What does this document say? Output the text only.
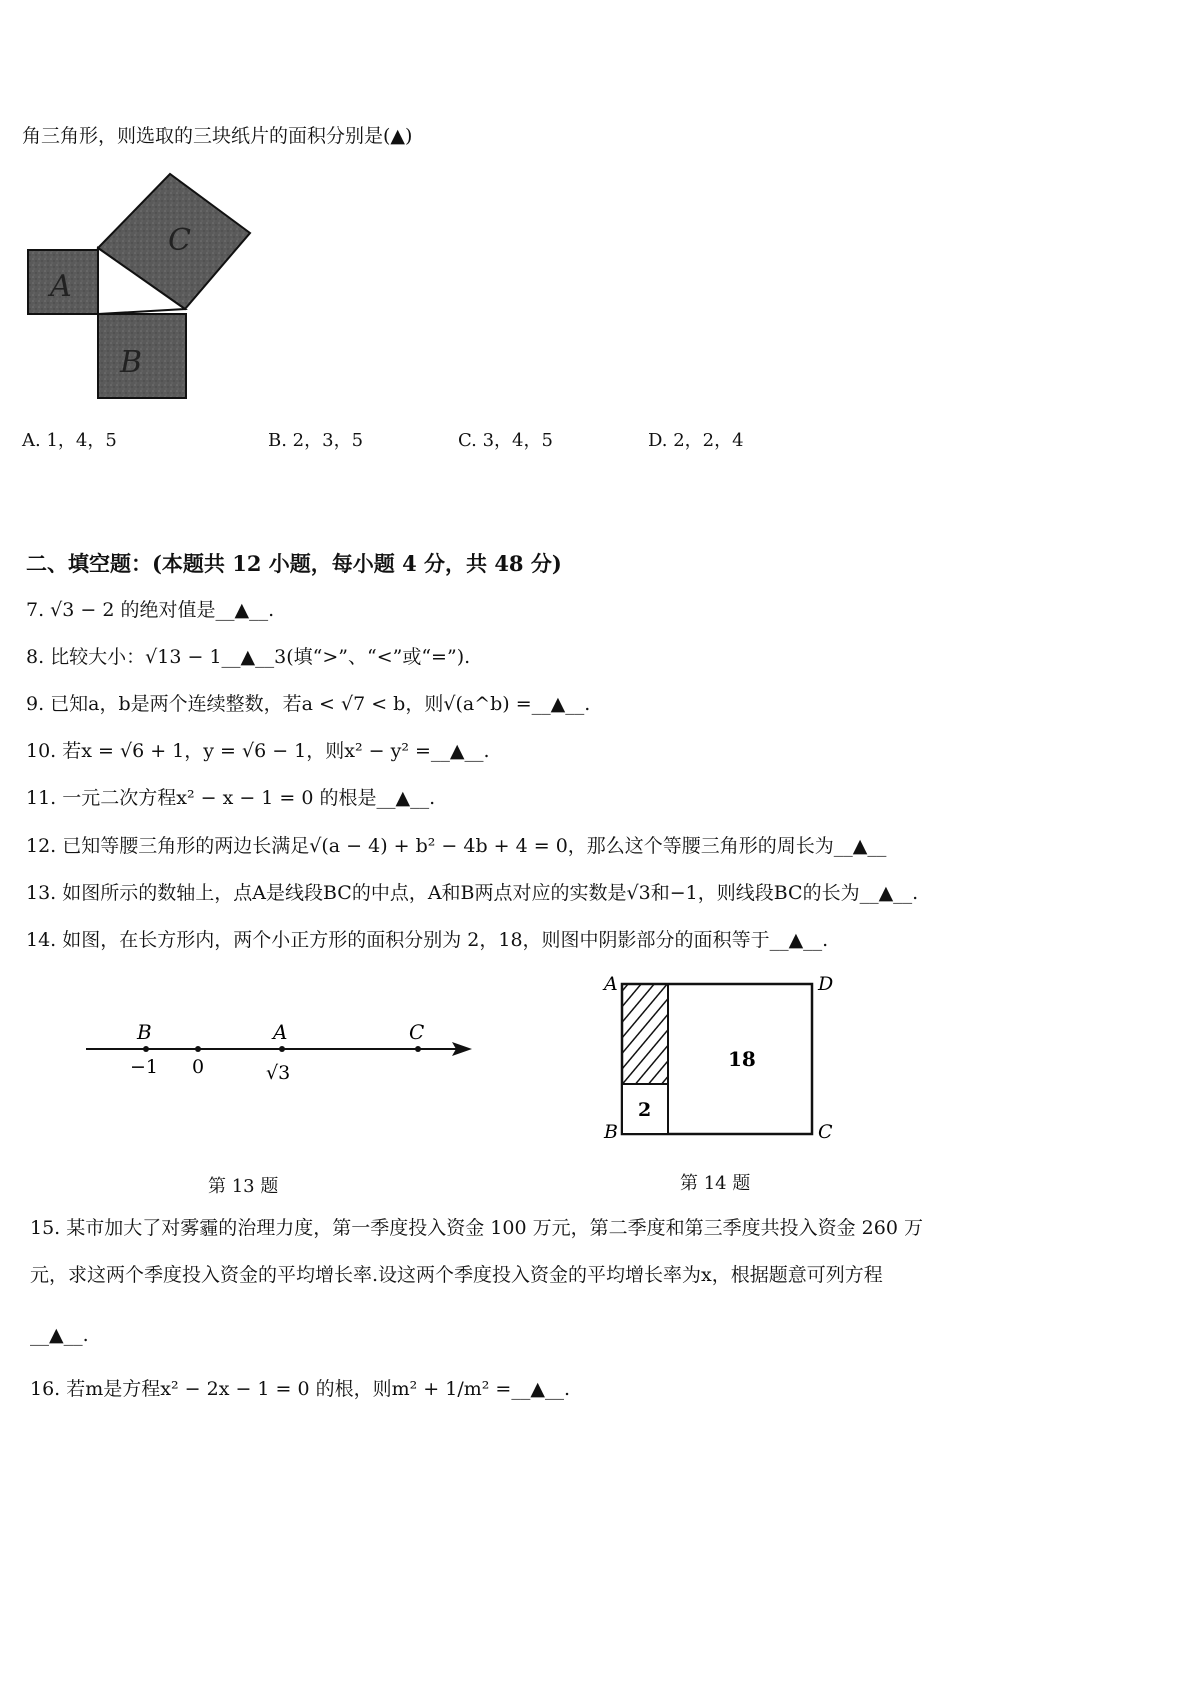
角三角形，则选取的三块纸片的面积分别是(▲)
A
B
C
A. 1，4，5	B. 2，3，5	C. 3，4，5	D. 2，2，4
二、填空题：(本题共 12 小题，每小题 4 分，共 48 分)
7. √3 − 2 的绝对值是__▲__.
8. 比较大小：√13 − 1__▲__3(填“>”、“<”或“=”).
9. 已知a，b是两个连续整数，若a < √7 < b，则√(a^b) =__▲__.
10. 若x = √6 + 1，y = √6 − 1，则x² − y² =__▲__.
11. 一元二次方程x² − x − 1 = 0 的根是__▲__.
12. 已知等腰三角形的两边长满足√(a − 4) + b² − 4b + 4 = 0，那么这个等腰三角形的周长为__▲__
13. 如图所示的数轴上，点A是线段BC的中点，A和B两点对应的实数是√3和−1，则线段BC的长为__▲__.
14. 如图，在长方形内，两个小正方形的面积分别为 2，18，则图中阴影部分的面积等于__▲__.
B	A	C
−1 0	√3
第 13 题
A	D
B	C
18
2
第 14 题
15. 某市加大了对雾霾的治理力度，第一季度投入资金 100 万元，第二季度和第三季度共投入资金 260 万
元，求这两个季度投入资金的平均增长率.设这两个季度投入资金的平均增长率为x，根据题意可列方程
__▲__.
16. 若m是方程x² − 2x − 1 = 0 的根，则m² + 1/m² =__▲__.
